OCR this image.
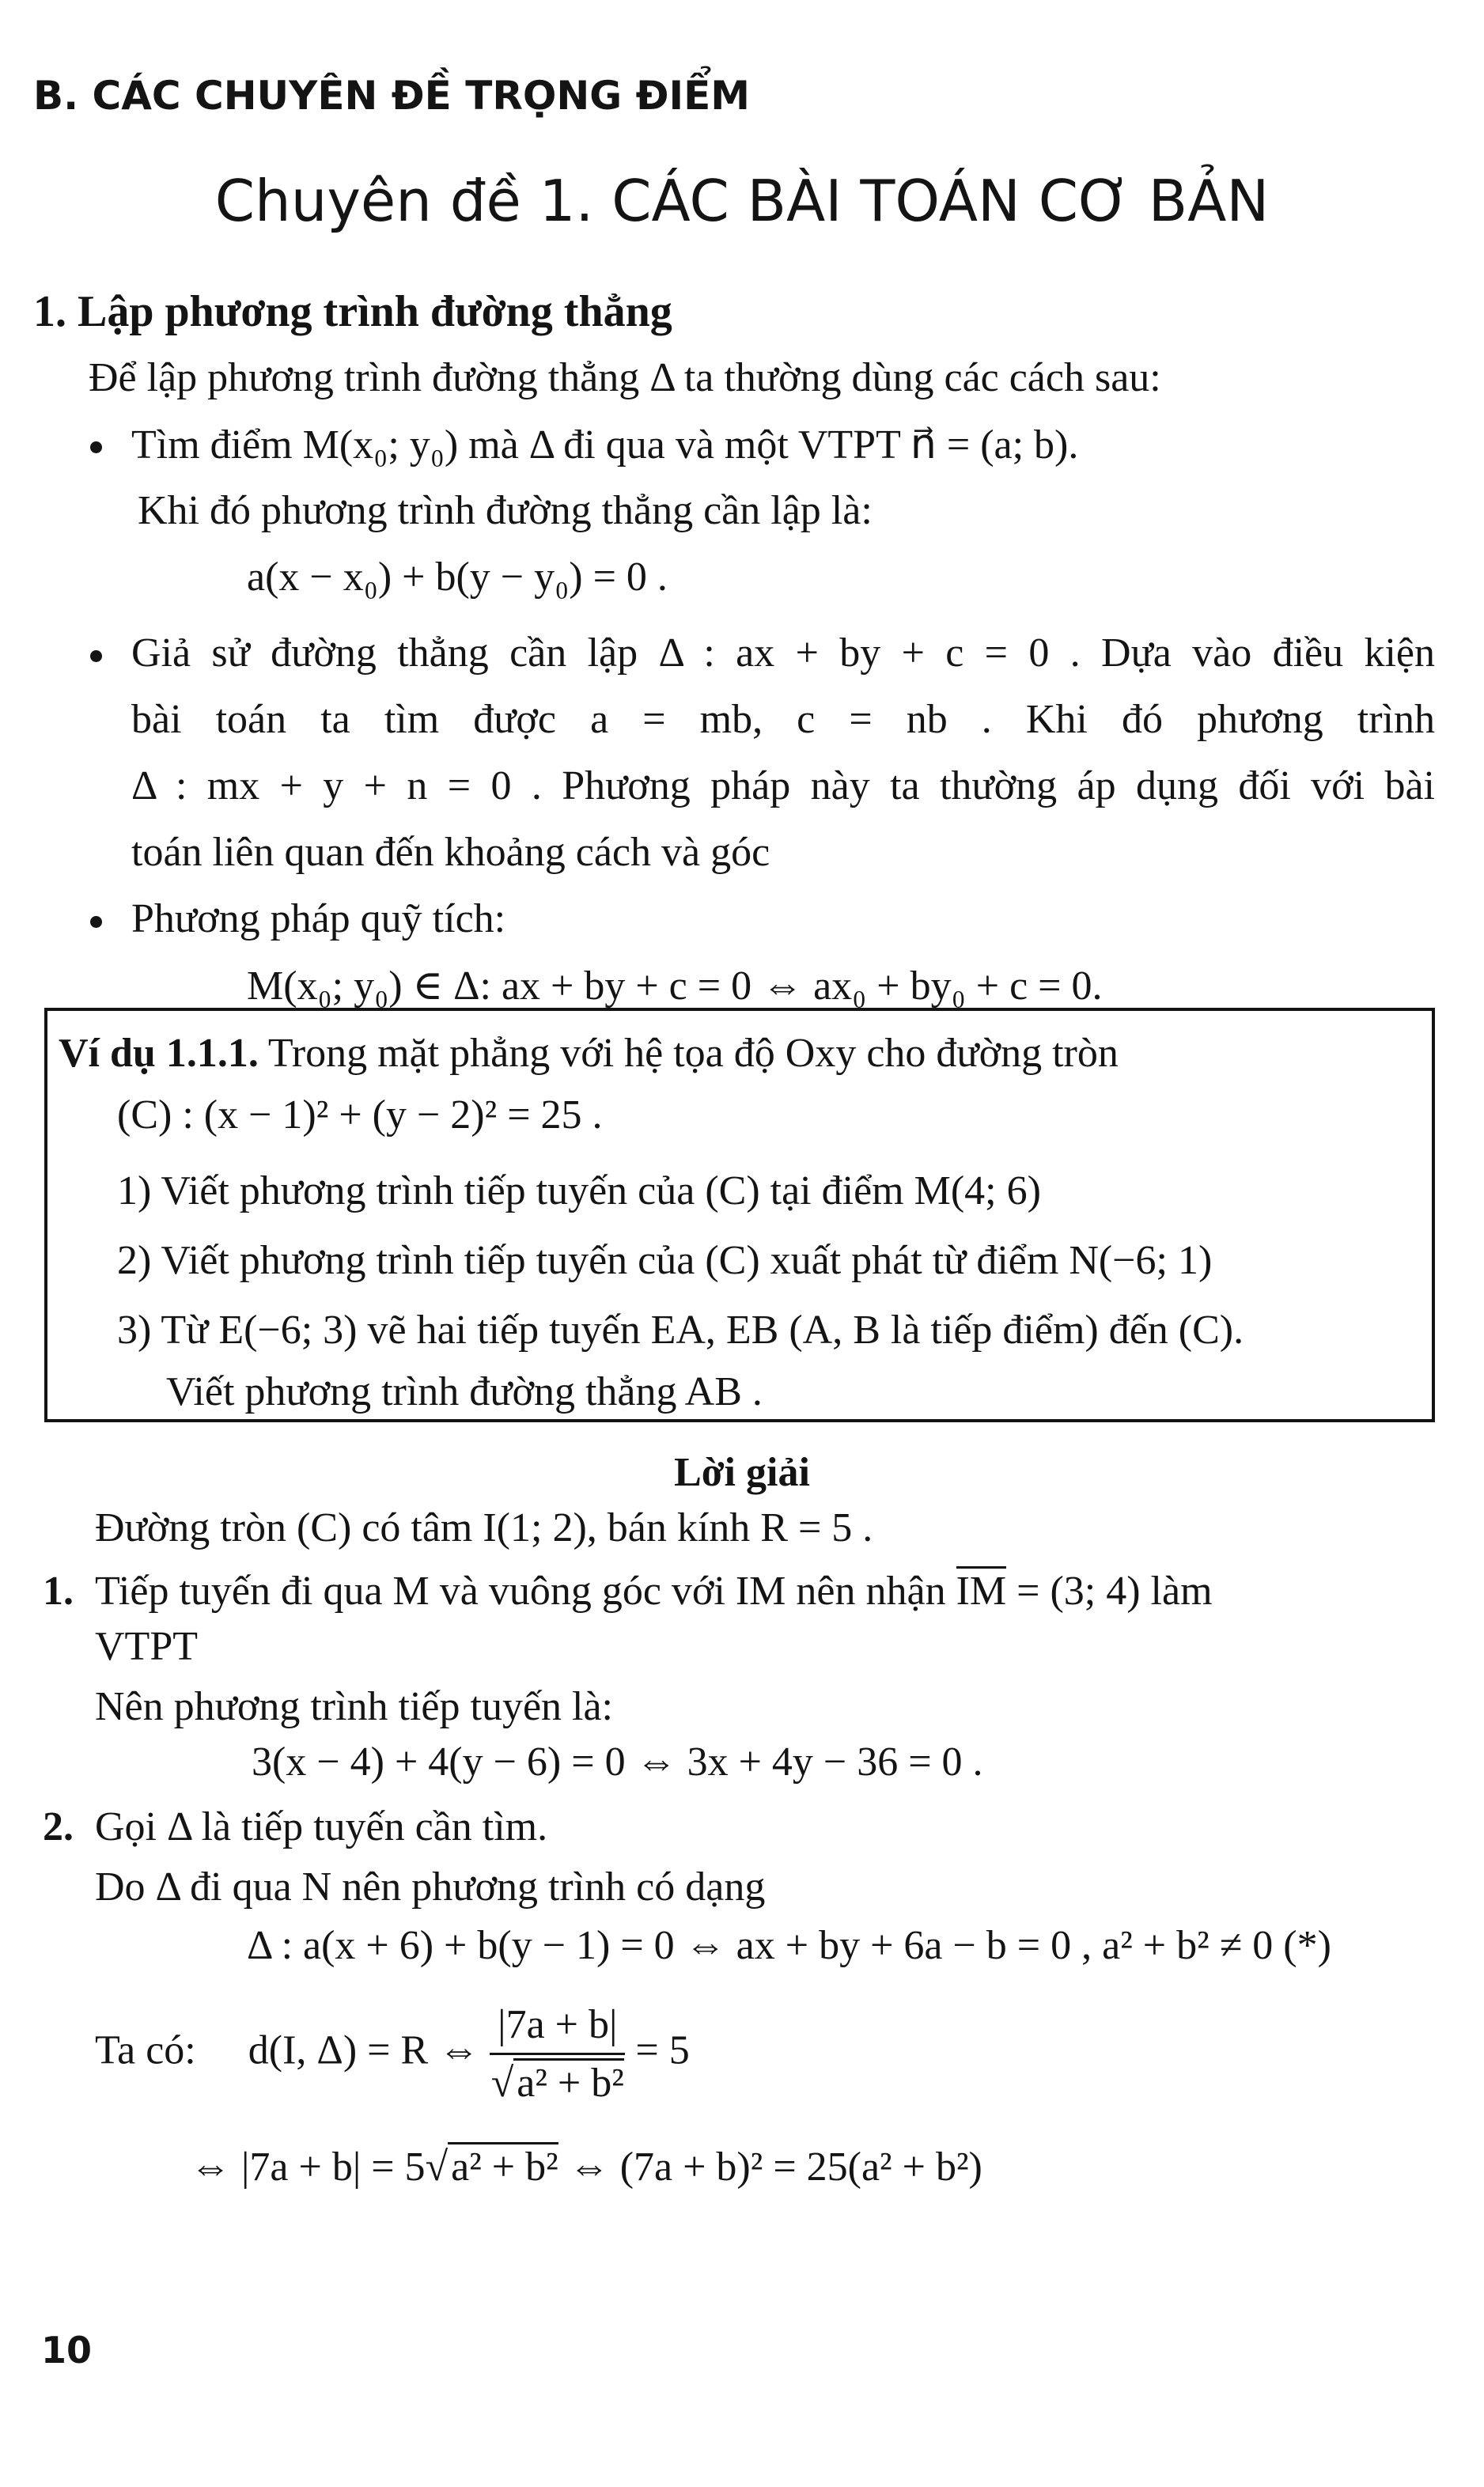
B. CÁC CHUYÊN ĐỀ TRỌNG ĐIỂM
Chuyên đề 1. CÁC BÀI TOÁN CƠ BẢN
1. Lập phương trình đường thẳng
Để lập phương trình đường thẳng Δ ta thường dùng các cách sau:
Tìm điểm M(x₀; y₀) mà Δ đi qua và một VTPT n⃗ = (a; b).
Khi đó phương trình đường thẳng cần lập là:
a(x − x₀) + b(y − y₀) = 0 .
Giả sử đường thẳng cần lập Δ : ax + by + c = 0 . Dựa vào điều kiện
bài toán ta tìm được a = mb, c = nb . Khi đó phương trình
Δ : mx + y + n = 0 . Phương pháp này ta thường áp dụng đối với bài
toán liên quan đến khoảng cách và góc
Phương pháp quỹ tích:
M(x₀; y₀) ∈ Δ: ax + by + c = 0 ⇔ ax₀ + by₀ + c = 0.
Ví dụ 1.1.1. Trong mặt phẳng với hệ tọa độ Oxy cho đường tròn
(C) : (x − 1)² + (y − 2)² = 25 .
1) Viết phương trình tiếp tuyến của (C) tại điểm M(4; 6)
2) Viết phương trình tiếp tuyến của (C) xuất phát từ điểm N(−6; 1)
3) Từ E(−6; 3) vẽ hai tiếp tuyến EA, EB (A, B là tiếp điểm) đến (C).
Viết phương trình đường thẳng AB .
Lời giải
Đường tròn (C) có tâm I(1; 2), bán kính R = 5 .
1. Tiếp tuyến đi qua M và vuông góc với IM nên nhận IM = (3; 4) làm
VTPT
Nên phương trình tiếp tuyến là:
3(x − 4) + 4(y − 6) = 0 ⇔ 3x + 4y − 36 = 0 .
2. Gọi Δ là tiếp tuyến cần tìm.
Do Δ đi qua N nên phương trình có dạng
Δ : a(x + 6) + b(y − 1) = 0 ⇔ ax + by + 6a − b = 0 , a² + b² ≠ 0 (*)
Ta có: d(I, Δ) = R ⇔ $\frac{|7a + b|}{\text{√a² + b²}} = 5$
⇔ |7a + b| = 5√a² + b² ⇔ (7a + b)² = 25(a² + b²)
10
